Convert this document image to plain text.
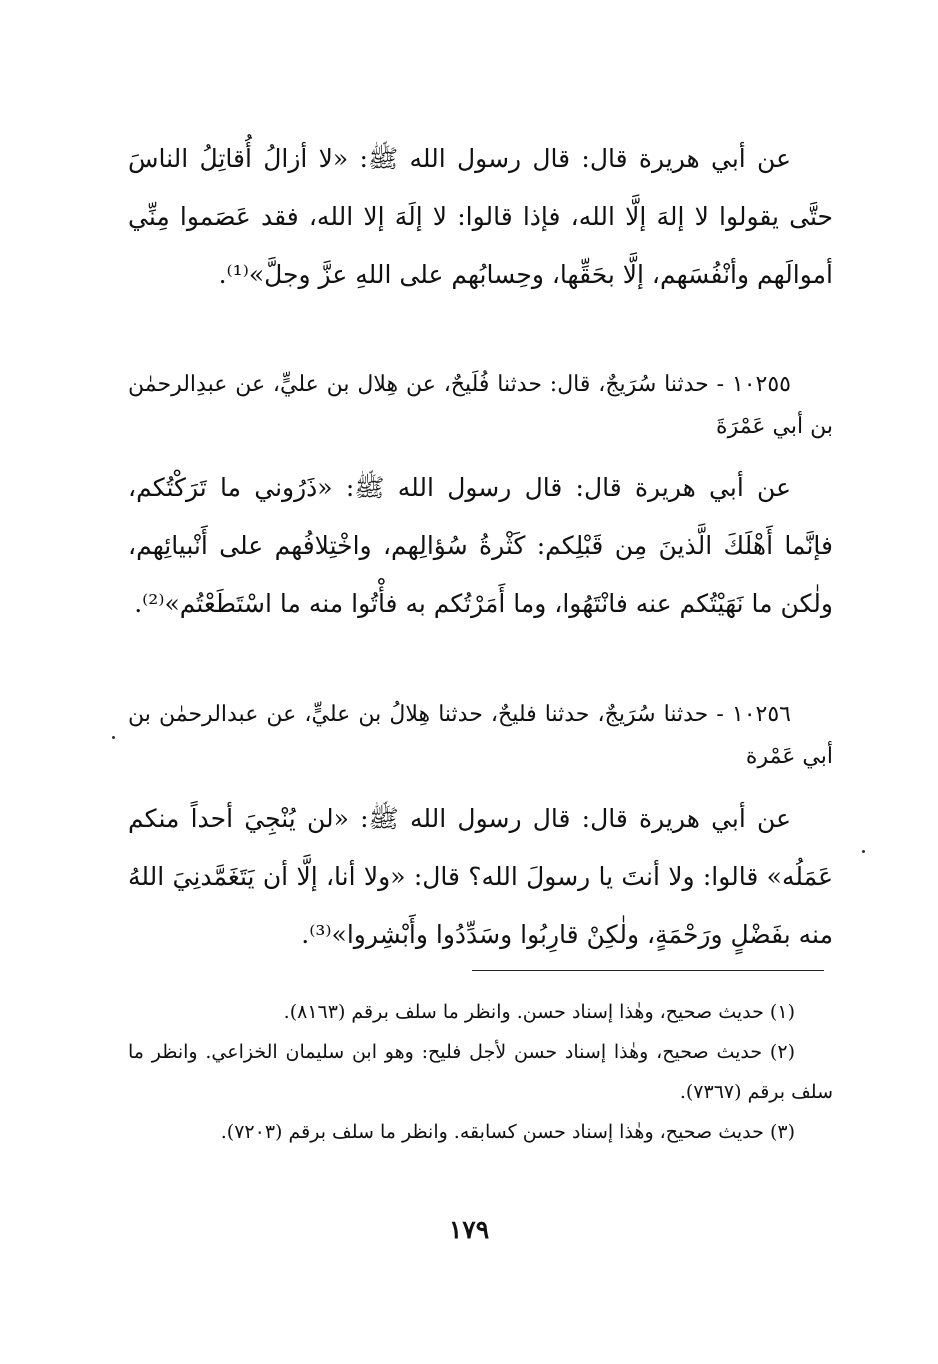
عن أبي هريرة قال: قال رسول الله ﷺ: «لا أزالُ أُقاتِلُ الناسَ حتَّى يقولوا لا إلهَ إلَّا الله، فإذا قالوا: لا إلَهَ إلا الله، فقد عَصَموا مِنِّي أموالَهم وأنْفُسَهم، إلَّا بحَقِّها، وحِسابُهم على اللهِ عزَّ وجلَّ»⁽¹⁾.

١٠٢٥٥ - حدثنا سُرَيجٌ، قال: حدثنا فُلَيحٌ، عن هِلال بن عليٍّ، عن عبدِالرحمٰن بن أبي عَمْرَةَ

عن أبي هريرة قال: قال رسول الله ﷺ: «ذَرُوني ما تَرَكْتُكم، فإنَّما أَهْلَكَ الَّذينَ مِن قَبْلِكم: كَثْرةُ سُؤالِهم، واخْتِلافُهم على أَنْبيائِهم، ولٰكن ما نَهَيْتُكم عنه فانْتَهُوا، وما أَمَرْتُكم به فأْتُوا منه ما اسْتَطَعْتُم»⁽²⁾.

١٠٢٥٦ - حدثنا سُرَيجٌ، حدثنا فليحٌ، حدثنا هِلالُ بن عليٍّ، عن عبدالرحمٰن بن أبي عَمْرة

عن أبي هريرة قال: قال رسول الله ﷺ: «لن يُنْجِيَ أحداً منكم عَمَلُه» قالوا: ولا أنتَ يا رسولَ الله؟ قال: «ولا أنا، إلَّا أن يَتَغَمَّدنِيَ اللهُ منه بفَضْلٍ ورَحْمَةٍ، ولٰكِنْ قارِبُوا وسَدِّدُوا وأَبْشِروا»⁽³⁾.

(١) حديث صحيح، وهٰذا إسناد حسن. وانظر ما سلف برقم (٨١٦٣).

(٢) حديث صحيح، وهٰذا إسناد حسن لأجل فليح: وهو ابن سليمان الخزاعي. وانظر ما سلف برقم (٧٣٦٧).

(٣) حديث صحيح، وهٰذا إسناد حسن كسابقه. وانظر ما سلف برقم (٧٢٠٣).

١٧٩
